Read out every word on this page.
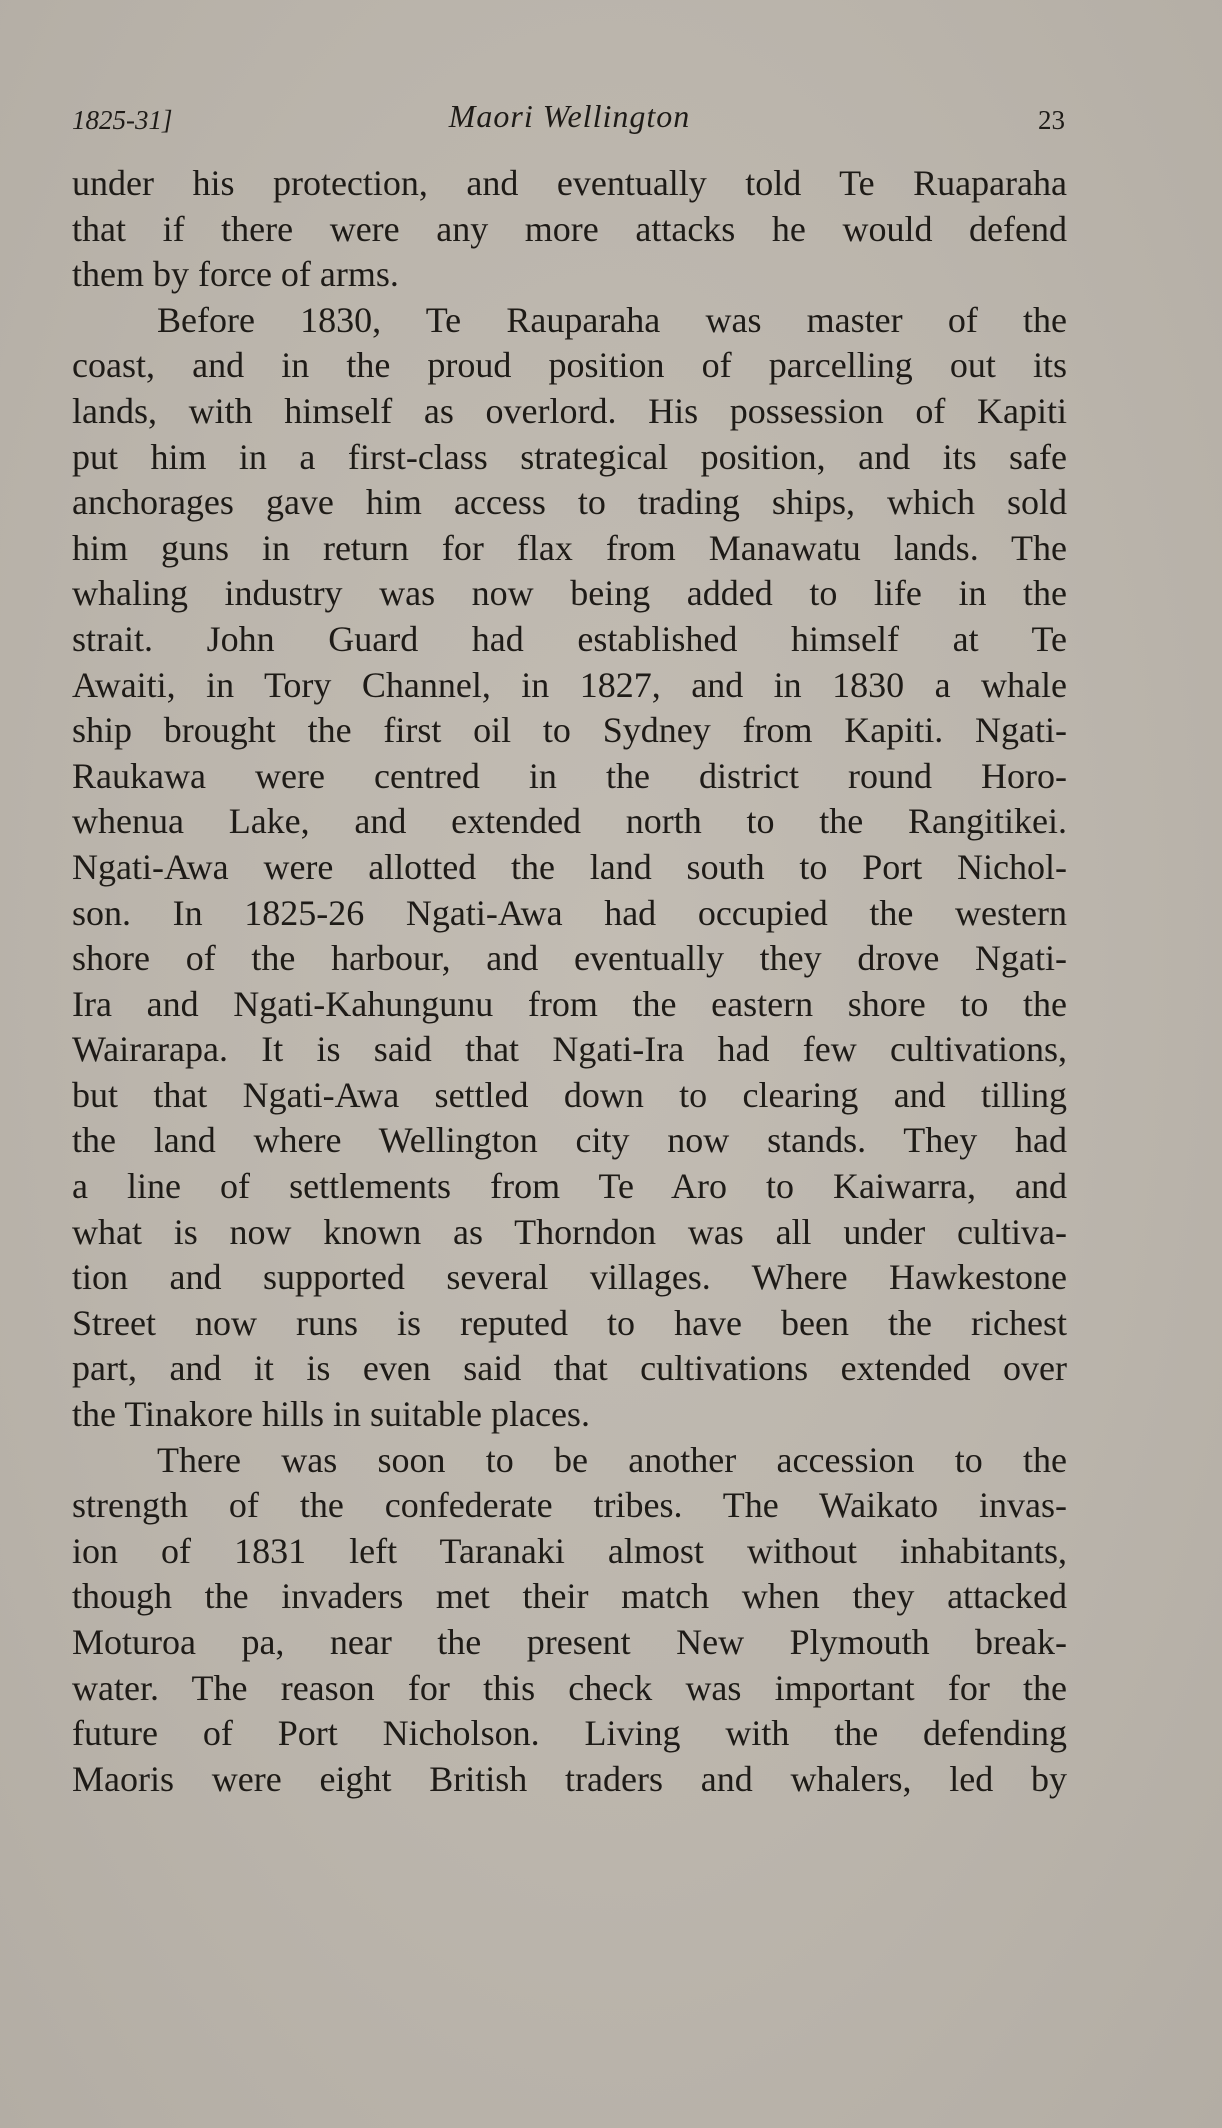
1825-31]	Maori Wellington	23
under his protection, and eventually told Te Ruaparaha
that if there were any more attacks he would defend
them by force of arms.
Before 1830, Te Rauparaha was master of the
coast, and in the proud position of parcelling out its
lands, with himself as overlord. His possession of Kapiti
put him in a first-class strategical position, and its safe
anchorages gave him access to trading ships, which sold
him guns in return for flax from Manawatu lands. The
whaling industry was now being added to life in the
strait. John Guard had established himself at Te
Awaiti, in Tory Channel, in 1827, and in 1830 a whale
ship brought the first oil to Sydney from Kapiti. Ngati-
Raukawa were centred in the district round Horo-
whenua Lake, and extended north to the Rangitikei.
Ngati-Awa were allotted the land south to Port Nichol-
son. In 1825-26 Ngati-Awa had occupied the western
shore of the harbour, and eventually they drove Ngati-
Ira and Ngati-Kahungunu from the eastern shore to the
Wairarapa. It is said that Ngati-Ira had few cultivations,
but that Ngati-Awa settled down to clearing and tilling
the land where Wellington city now stands. They had
a line of settlements from Te Aro to Kaiwarra, and
what is now known as Thorndon was all under cultiva-
tion and supported several villages. Where Hawkestone
Street now runs is reputed to have been the richest
part, and it is even said that cultivations extended over
the Tinakore hills in suitable places.
There was soon to be another accession to the
strength of the confederate tribes. The Waikato invas-
ion of 1831 left Taranaki almost without inhabitants,
though the invaders met their match when they attacked
Moturoa pa, near the present New Plymouth break-
water. The reason for this check was important for the
future of Port Nicholson. Living with the defending
Maoris were eight British traders and whalers, led by
